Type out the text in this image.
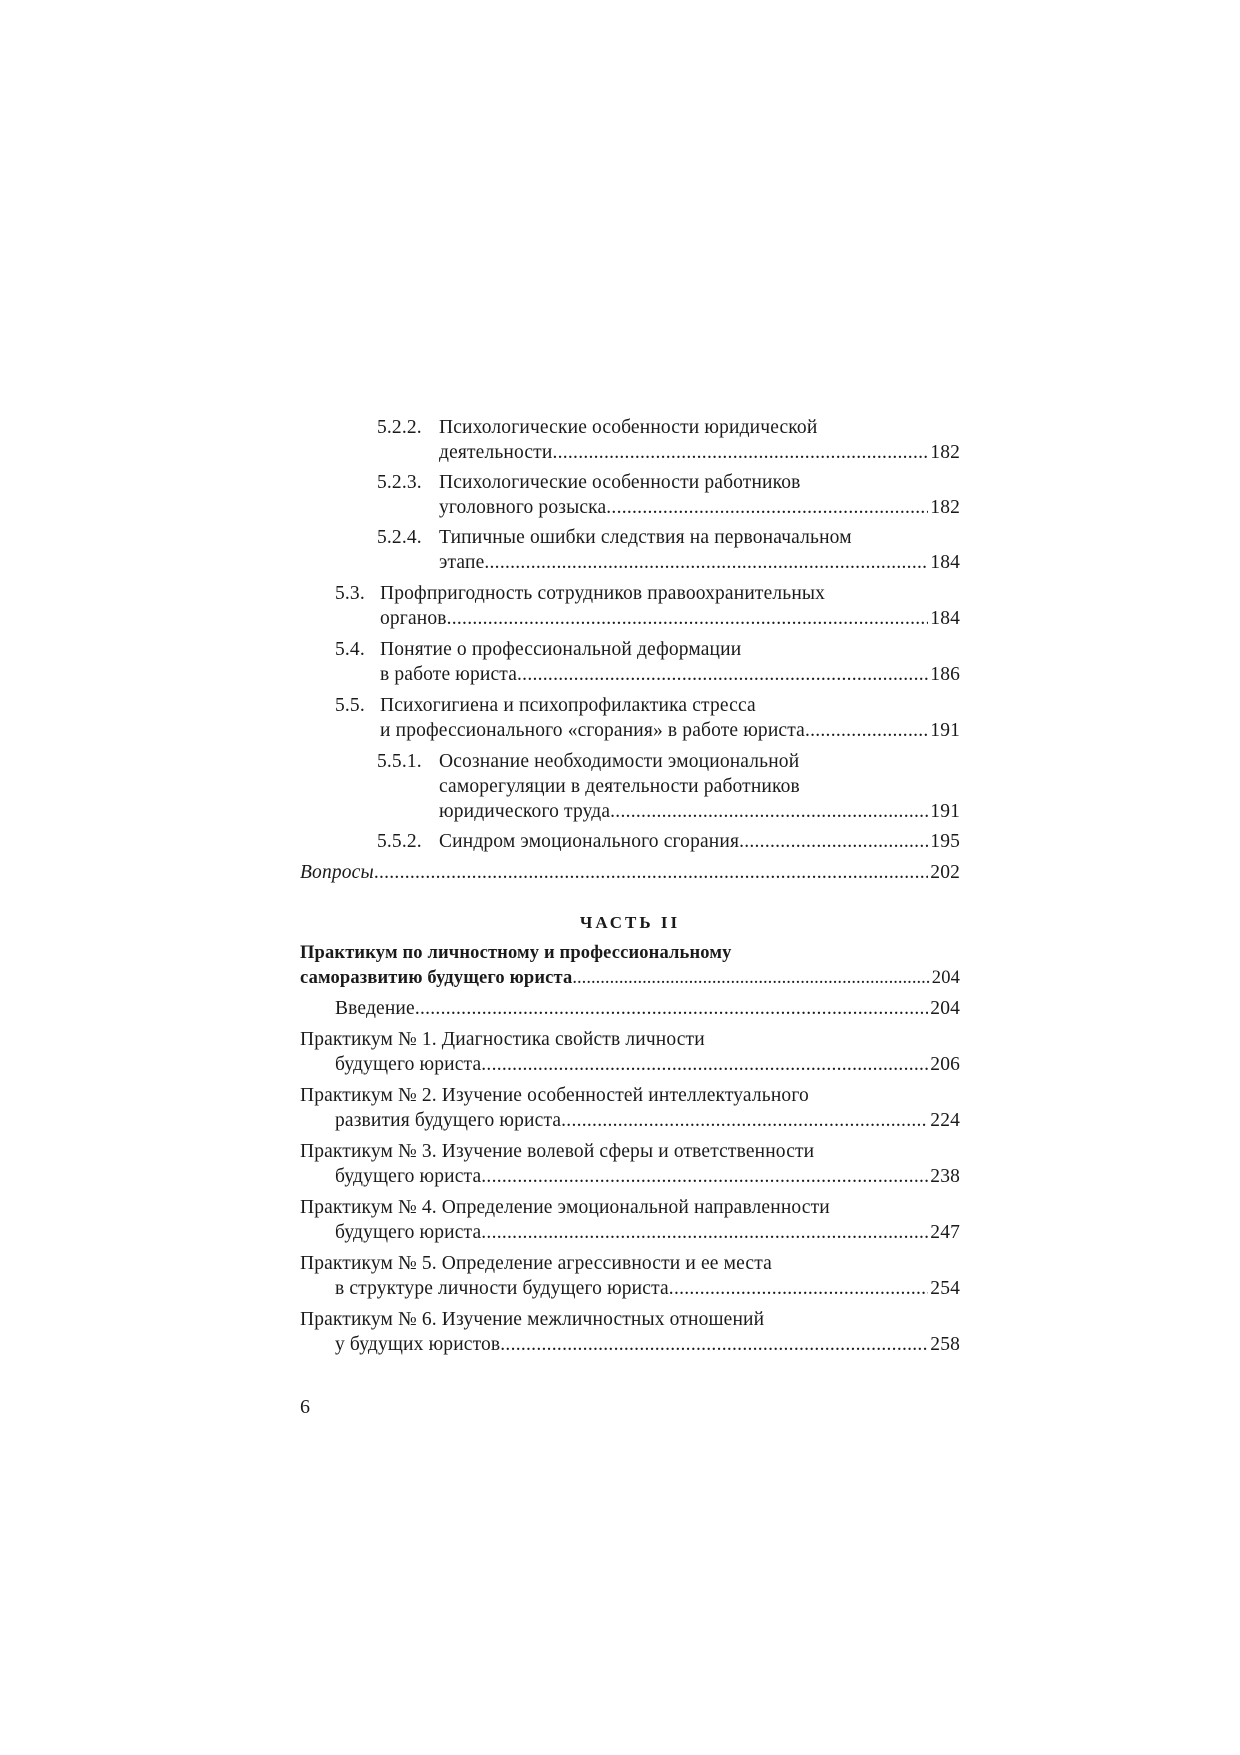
5.2.2. Психологические особенности юридической
деятельности . . .	182
5.2.3. Психологические особенности работников
уголовного розыска . . .	182
5.2.4. Типичные ошибки следствия на первоначальном
этапе . . .	184
5.3. Профпригодность сотрудников правоохранительных
органов . . .	184
5.4. Понятие о профессиональной деформации
в работе юриста . . .	186
5.5. Психогигиена и психопрофилактика стресса
и профессионального «сгорания» в работе юриста . . .	191
5.5.1. Осознание необходимости эмоциональной
саморегуляции в деятельности работников
юридического труда . . .	191
5.5.2. Синдром эмоционального сгорания . . .	195
Вопросы . . .	202
ЧАСТЬ II
Практикум по личностному и профессиональному
саморазвитию будущего юриста . . .	204
Введение . . .	204
Практикум № 1. Диагностика свойств личности
будущего юриста . . .	206
Практикум № 2. Изучение особенностей интеллектуального
развития будущего юриста . . .	224
Практикум № 3. Изучение волевой сферы и ответственности
будущего юриста . . .	238
Практикум № 4. Определение эмоциональной направленности
будущего юриста . . .	247
Практикум № 5. Определение агрессивности и ее места
в структуре личности будущего юриста . . .	254
Практикум № 6. Изучение межличностных отношений
у будущих юристов . . .	258
6
